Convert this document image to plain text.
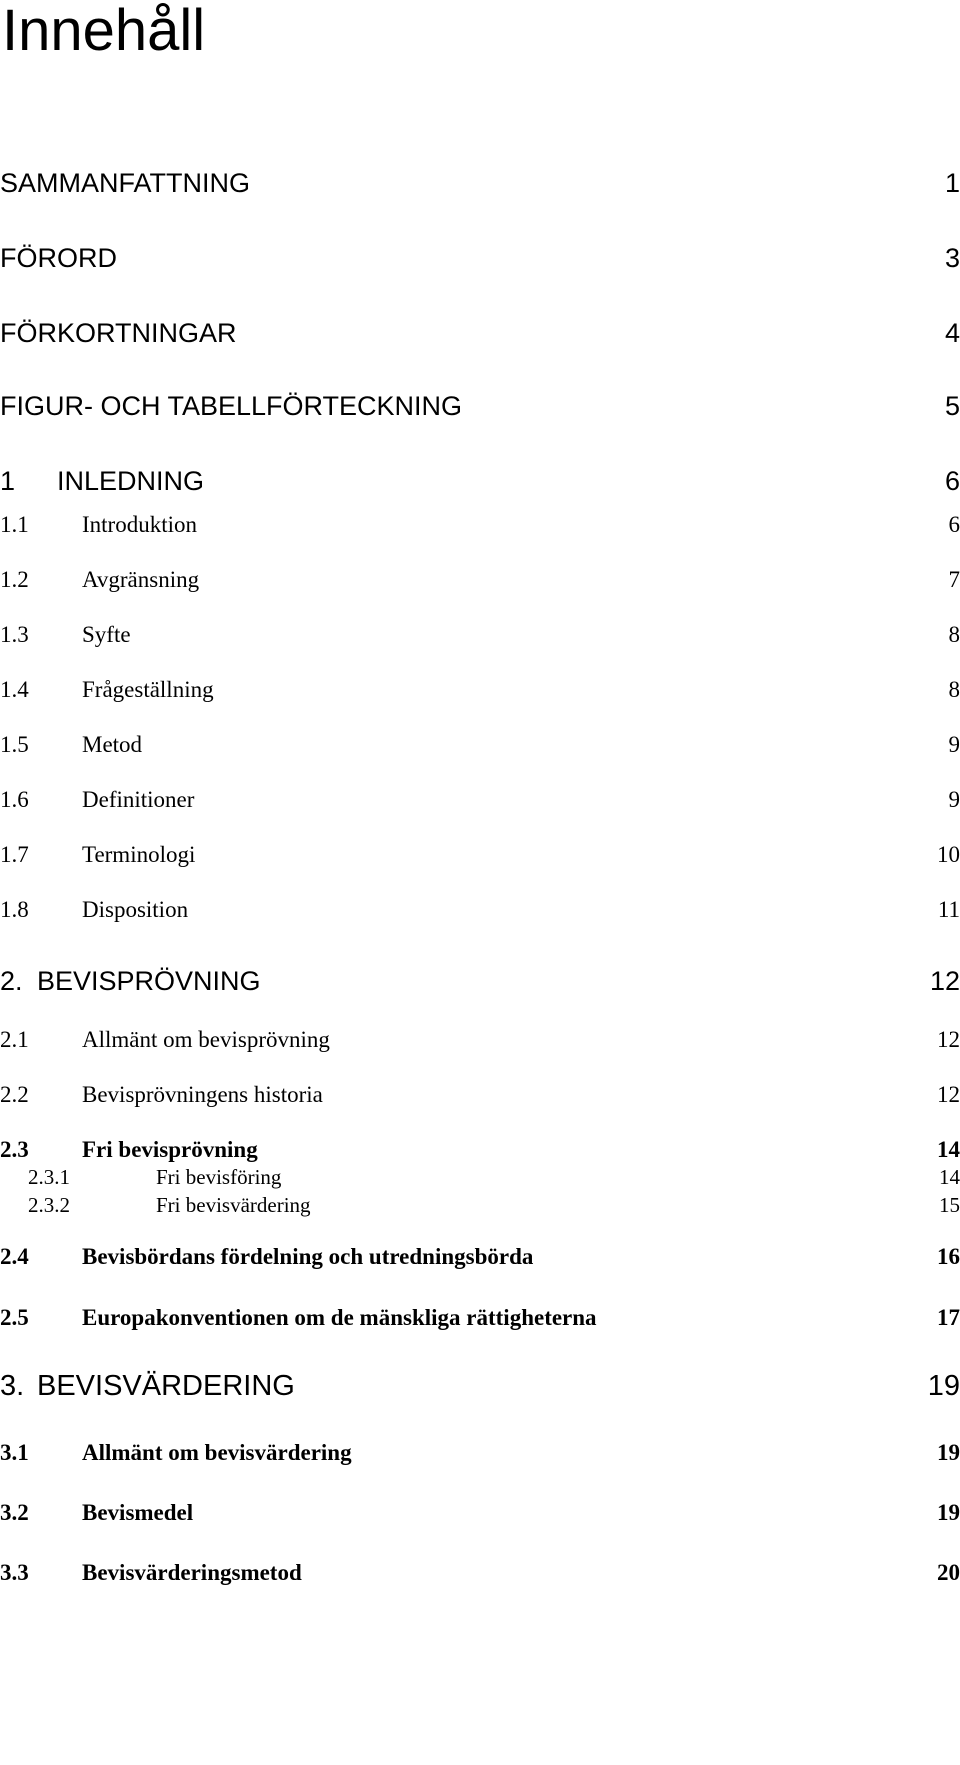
Innehåll
SAMMANFATTNING	1
FÖRORD	3
FÖRKORTNINGAR	4
FIGUR- OCH TABELLFÖRTECKNING	5
1	INLEDNING	6
1.1	Introduktion	6
1.2	Avgränsning	7
1.3	Syfte	8
1.4	Frågeställning	8
1.5	Metod	9
1.6	Definitioner	9
1.7	Terminologi	10
1.8	Disposition	11
2. BEVISPRÖVNING	12
2.1	Allmänt om bevisprövning	12
2.2	Bevisprövningens historia	12
2.3	Fri bevisprövning	14
2.3.1	Fri bevisföring	14
2.3.2	Fri bevisvärdering	15
2.4	Bevisbördans fördelning och utredningsbörda	16
2.5	Europakonventionen om de mänskliga rättigheterna	17
3. BEVISVÄRDERING	19
3.1	Allmänt om bevisvärdering	19
3.2	Bevismedel	19
3.3	Bevisvärderingsmetod	20
